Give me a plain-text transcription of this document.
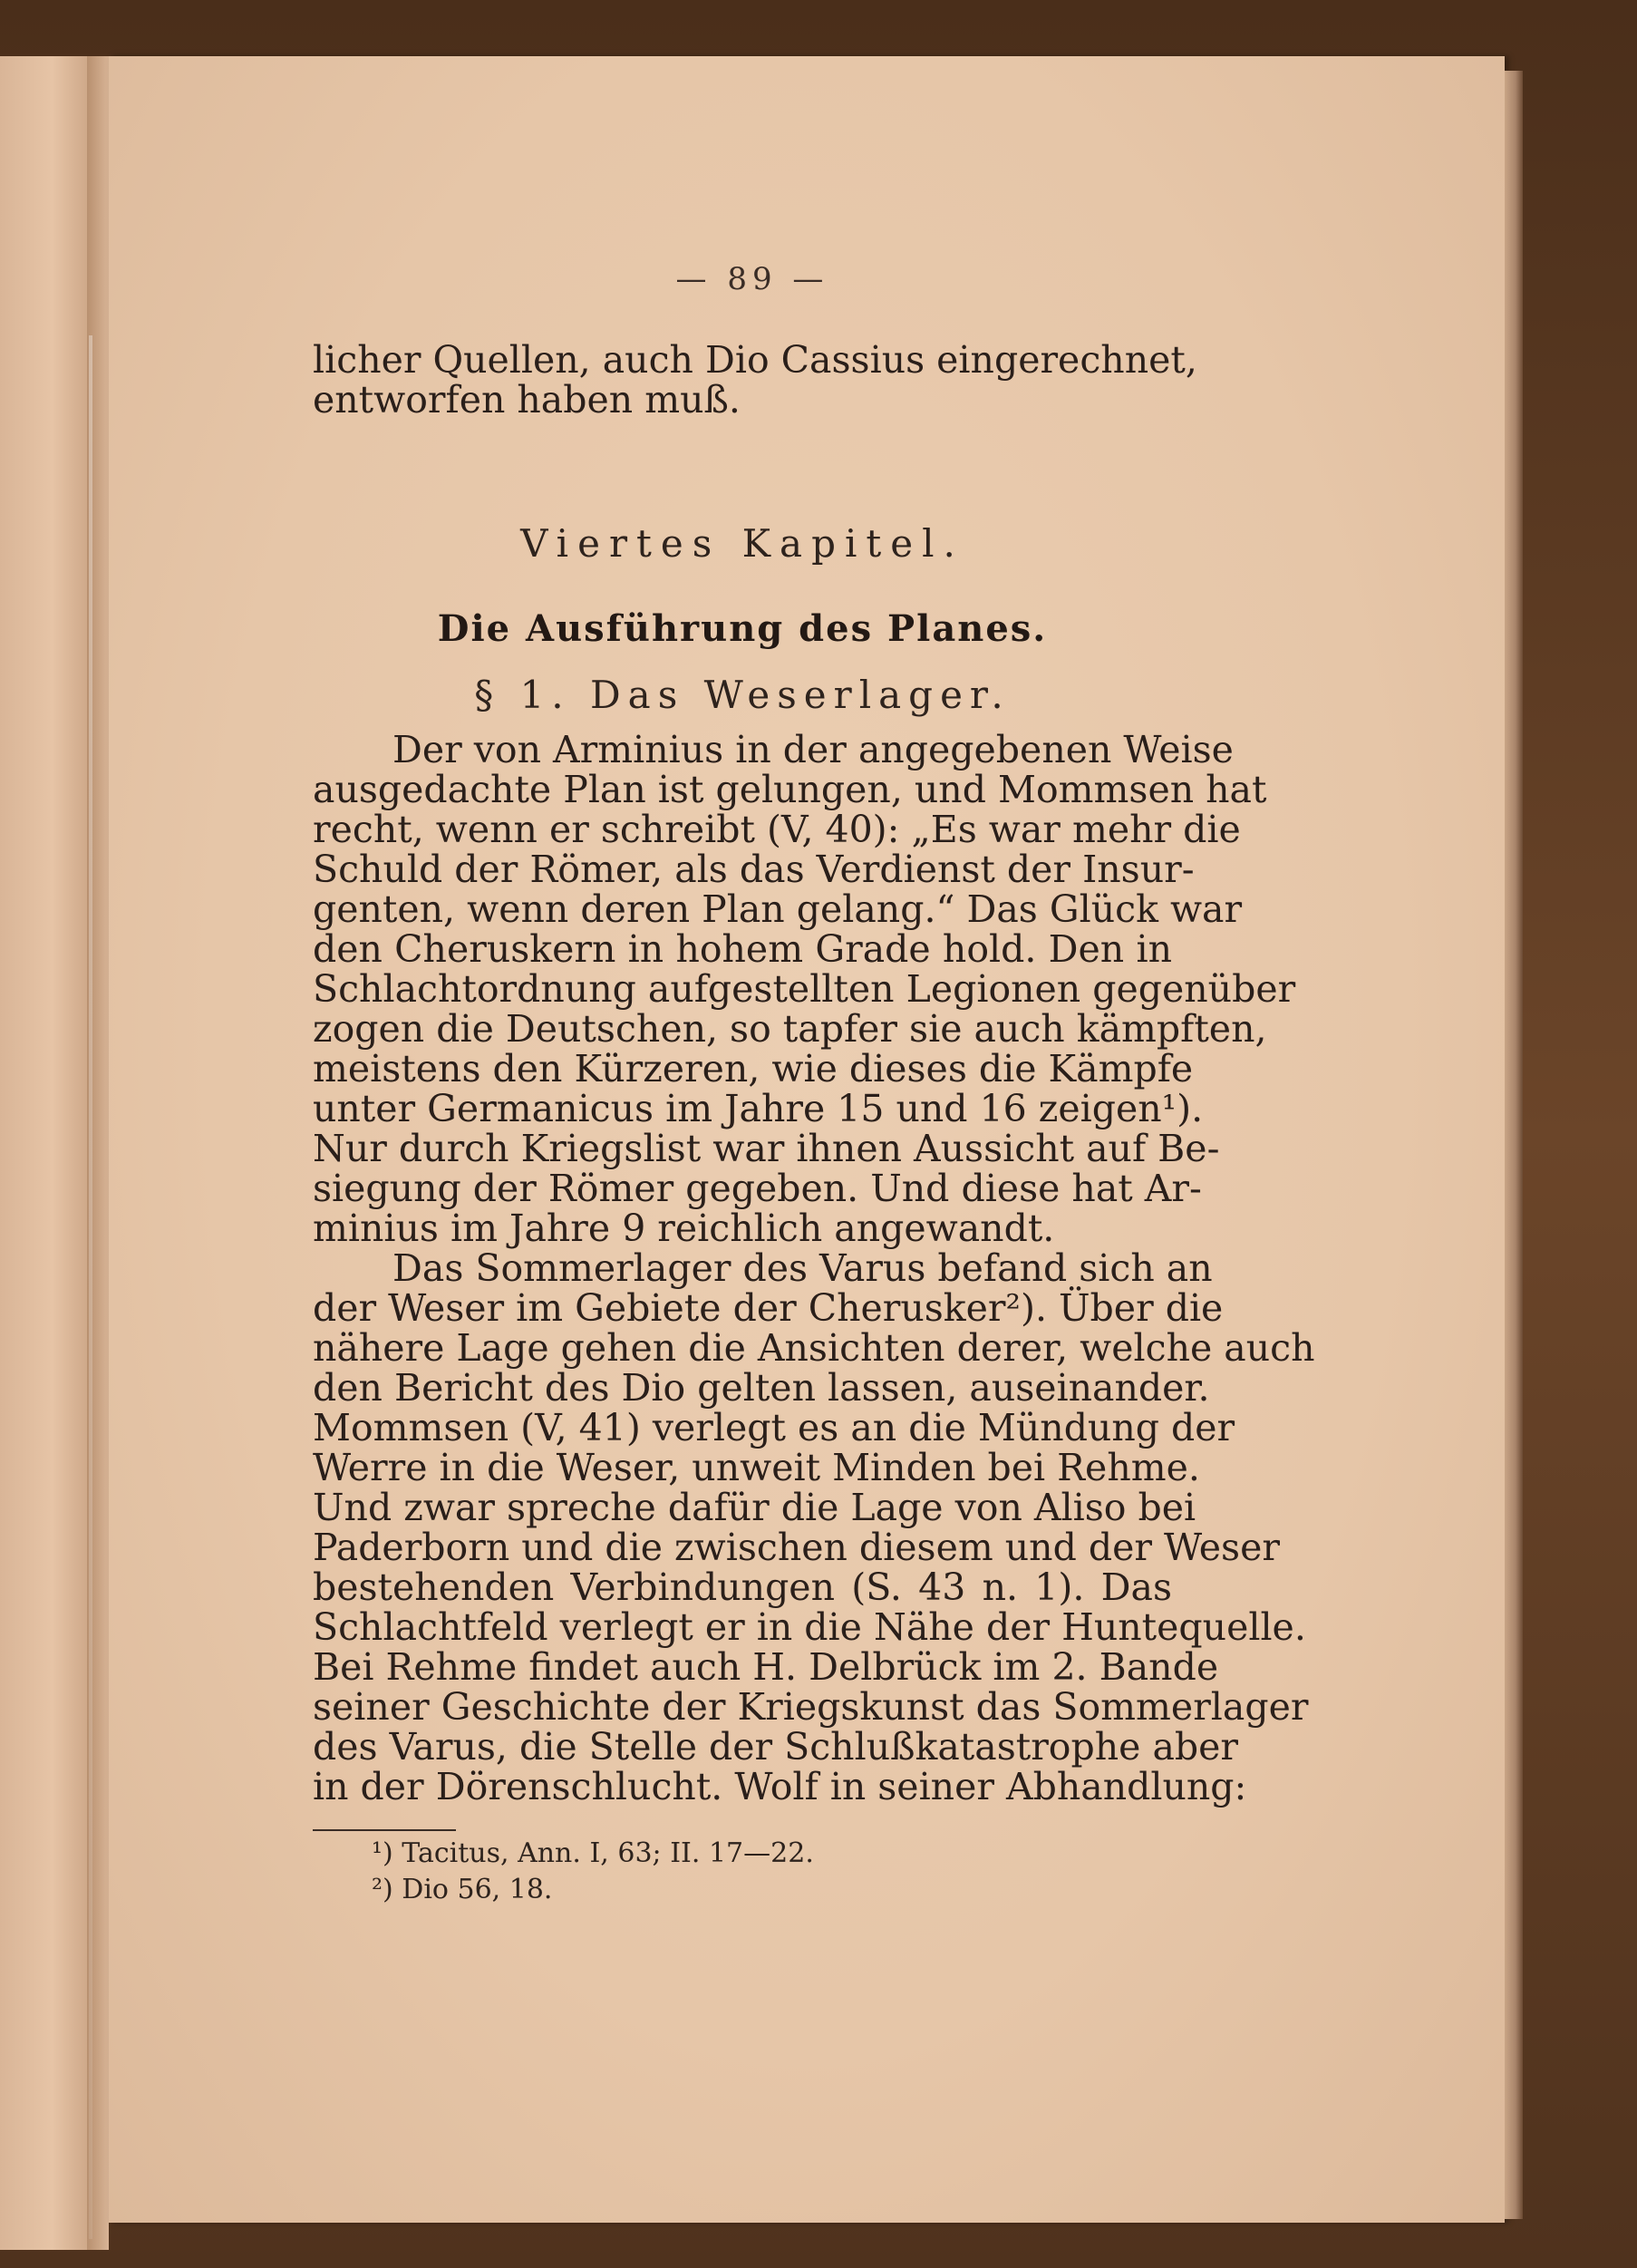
— 89 —
licher Quellen, auch Dio Cassius eingerechnet,
entworfen haben muß.
Viertes Kapitel.
Die Ausführung des Planes.
§ 1. Das Weserlager.
Der von Arminius in der angegebenen Weise
ausgedachte Plan ist gelungen, und Mommsen hat
recht, wenn er schreibt (V, 40): „Es war mehr die
Schuld der Römer, als das Verdienst der Insur-
genten, wenn deren Plan gelang.“ Das Glück war
den Cheruskern in hohem Grade hold. Den in
Schlachtordnung aufgestellten Legionen gegenüber
zogen die Deutschen, so tapfer sie auch kämpften,
meistens den Kürzeren, wie dieses die Kämpfe
unter Germanicus im Jahre 15 und 16 zeigen¹).
Nur durch Kriegslist war ihnen Aussicht auf Be-
siegung der Römer gegeben. Und diese hat Ar-
minius im Jahre 9 reichlich angewandt.
Das Sommerlager des Varus befand sich an
der Weser im Gebiete der Cherusker²). Über die
nähere Lage gehen die Ansichten derer, welche auch
den Bericht des Dio gelten lassen, auseinander.
Mommsen (V, 41) verlegt es an die Mündung der
Werre in die Weser, unweit Minden bei Rehme.
Und zwar spreche dafür die Lage von Aliso bei
Paderborn und die zwischen diesem und der Weser
bestehenden Verbindungen (S. 43 n. 1). Das
Schlachtfeld verlegt er in die Nähe der Huntequelle.
Bei Rehme findet auch H. Delbrück im 2. Bande
seiner Geschichte der Kriegskunst das Sommerlager
des Varus, die Stelle der Schlußkatastrophe aber
in der Dörenschlucht. Wolf in seiner Abhandlung:
¹) Tacitus, Ann. I, 63; II. 17—22.
²) Dio 56, 18.
